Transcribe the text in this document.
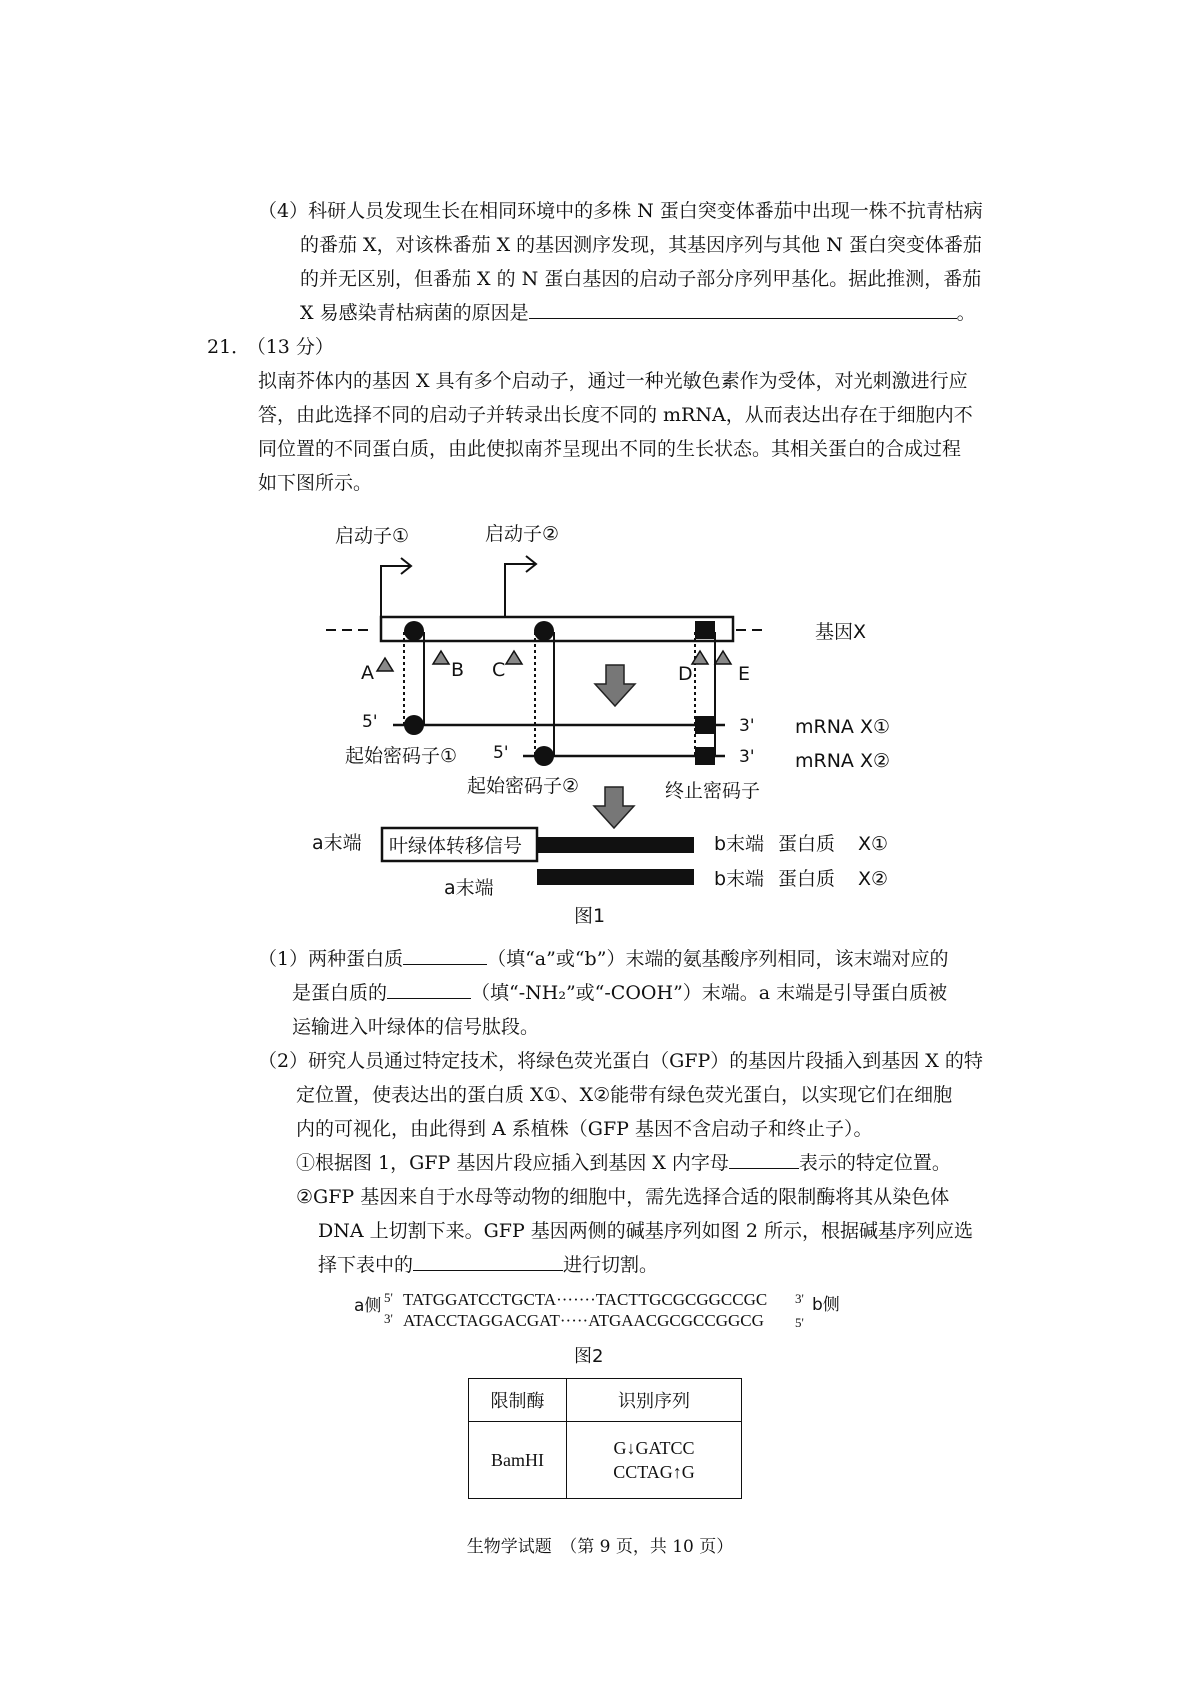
（4）科研人员发现生长在相同环境中的多株 N 蛋白突变体番茄中出现一株不抗青枯病
的番茄 X，对该株番茄 X 的基因测序发现，其基因序列与其他 N 蛋白突变体番茄
的并无区别，但番茄 X 的 N 蛋白基因的启动子部分序列甲基化。据此推测，番茄
X 易感染青枯病菌的原因是	。
21． （13 分）
拟南芥体内的基因 X 具有多个启动子，通过一种光敏色素作为受体，对光刺激进行应
答，由此选择不同的启动子并转录出长度不同的 mRNA，从而表达出存在于细胞内不
同位置的不同蛋白质，由此使拟南芥呈现出不同的生长状态。其相关蛋白的合成过程
如下图所示。
启动子①	启动子②
A	B C	D E
基因X
5'
5'
3'
3'
mRNA X①
mRNA X②
起始密码子①
起始密码子②	终止密码子
叶绿体转移信号
a末端
a末端
b末端
b末端
蛋白质
蛋白质
X①
X②
图1
（1）两种蛋白质	（填“a”或“b”）末端的氨基酸序列相同，该末端对应的
是蛋白质的	（填“-NH₂”或“-COOH”）末端。a 末端是引导蛋白质被
运输进入叶绿体的信号肽段。
（2）研究人员通过特定技术，将绿色荧光蛋白（GFP）的基因片段插入到基因 X 的特
定位置，使表达出的蛋白质 X①、X②能带有绿色荧光蛋白，以实现它们在细胞
内的可视化，由此得到 A 系植株（GFP 基因不含启动子和终止子）。
①根据图 1，GFP 基因片段应插入到基因 X 内字母	表示的特定位置。
②GFP 基因来自于水母等动物的细胞中，需先选择合适的限制酶将其从染色体
DNA 上切割下来。GFP 基因两侧的碱基序列如图 2 所示，根据碱基序列应选
择下表中的	进行切割。
a侧 5' TATGGATCCTGCTA·······TACTTGCGCGGCCGC 3' b侧
3' ATACCTAGGACGAT·····ATGAACGCGCCGGCG 5'
图2
限制酶	识别序列
BamHI	G↓GATCC
CCTAG↑G
生物学试题　（第 9 页，共 10 页）
